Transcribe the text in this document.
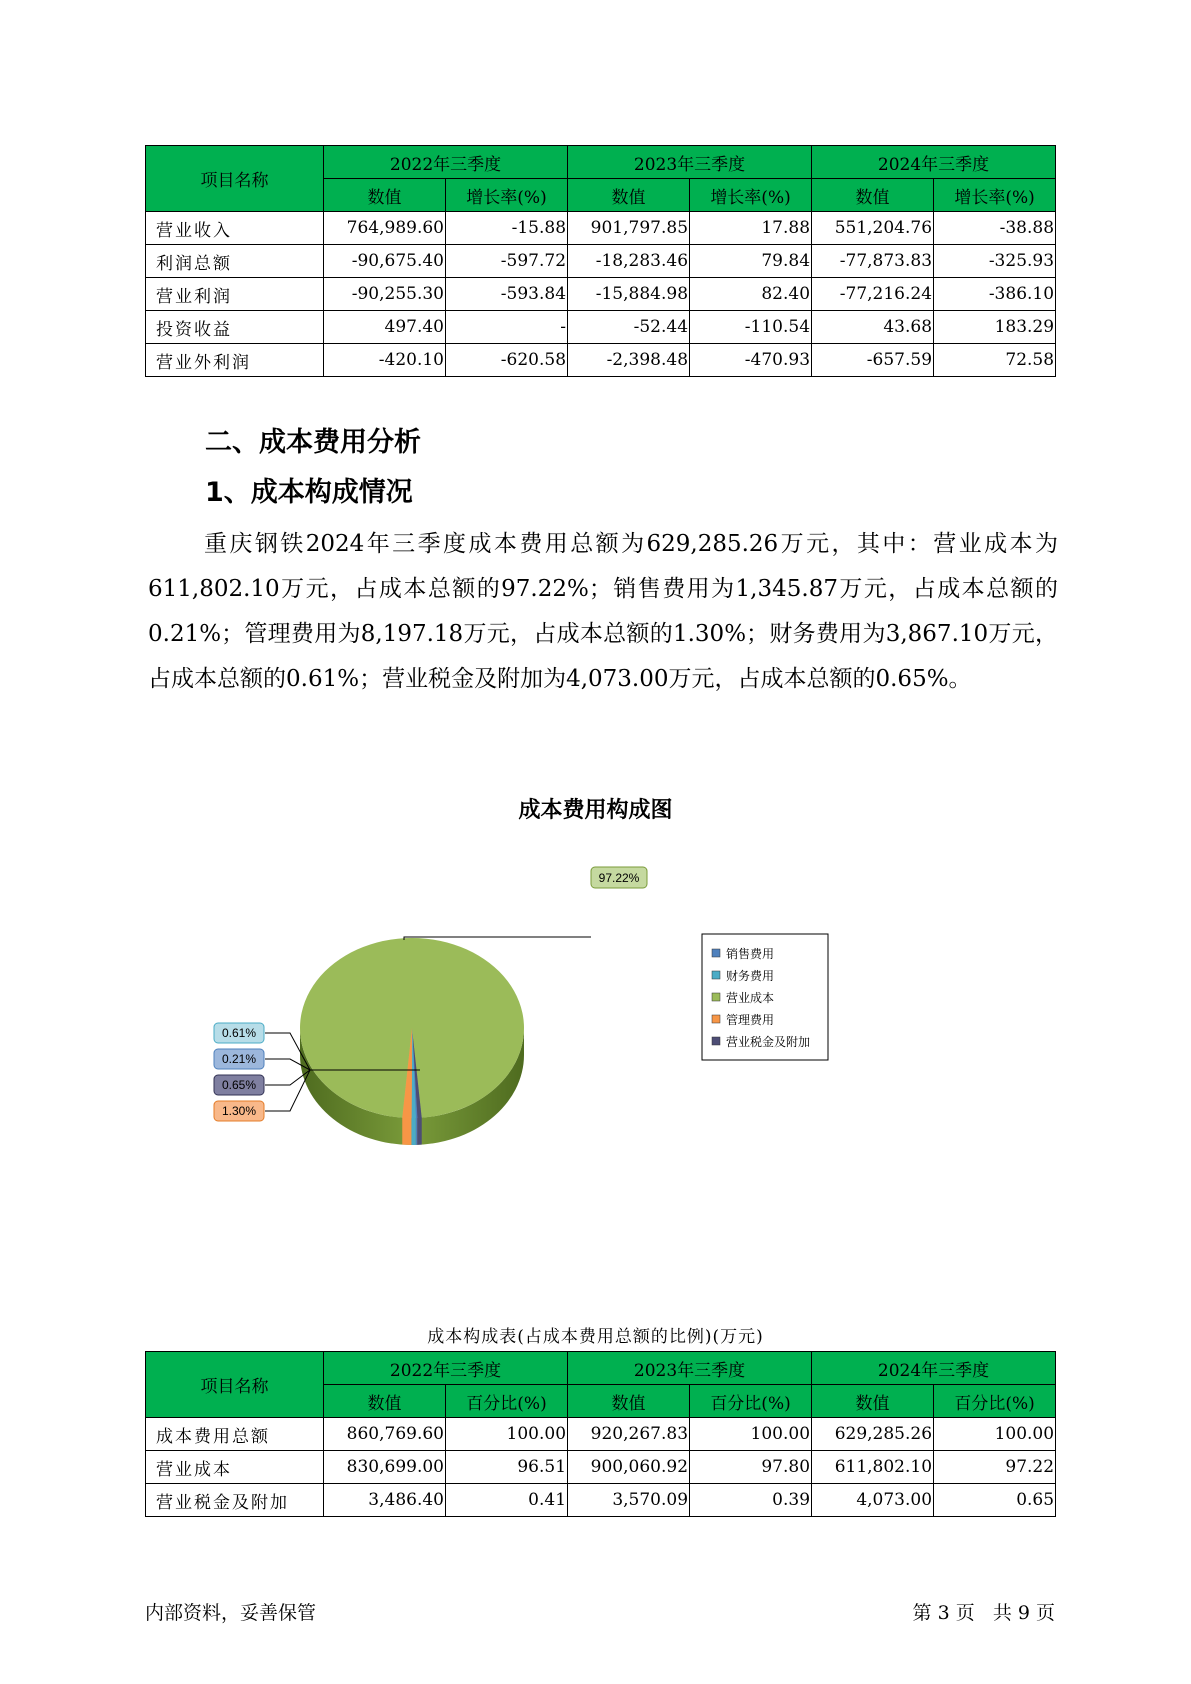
项目名称	2022年三季度		2023年三季度		2024年三季度	
	数值	增长率(%)	数值	增长率(%)	数值	增长率(%)
营业收入	764,989.60	-15.88	901,797.85	17.88	551,204.76	-38.88
利润总额	-90,675.40	-597.72	-18,283.46	79.84	-77,873.83	-325.93
营业利润	-90,255.30	-593.84	-15,884.98	82.40	-77,216.24	-386.10
投资收益	497.40	-	-52.44	-110.54	43.68	183.29
营业外利润	-420.10	-620.58	-2,398.48	-470.93	-657.59	72.58
二、成本费用分析
1、成本构成情况

重庆钢铁2024年三季度成本费用总额为629,285.26万元，其中：营业成本为611,802.10万元，占成本总额的97.22%；销售费用为1,345.87万元，占成本总额的0.21%；管理费用为8,197.18万元，占成本总额的1.30%；财务费用为3,867.10万元，占成本总额的0.61%；营业税金及附加为4,073.00万元，占成本总额的0.65%。

成本费用构成图
97.22%
0.61%
0.21%
0.65%
1.30%
销售费用
财务费用
营业成本
管理费用
营业税金及附加
成本构成表(占成本费用总额的比例)(万元)
项目名称	2022年三季度		2023年三季度		2024年三季度	
	数值	百分比(%)	数值	百分比(%)	数值	百分比(%)
成本费用总额	860,769.60	100.00	920,267.83	100.00	629,285.26	100.00
营业成本	830,699.00	96.51	900,060.92	97.80	611,802.10	97.22
营业税金及附加	3,486.40	0.41	3,570.09	0.39	4,073.00	0.65
内部资料，妥善保管	第 3 页   共 9 页
